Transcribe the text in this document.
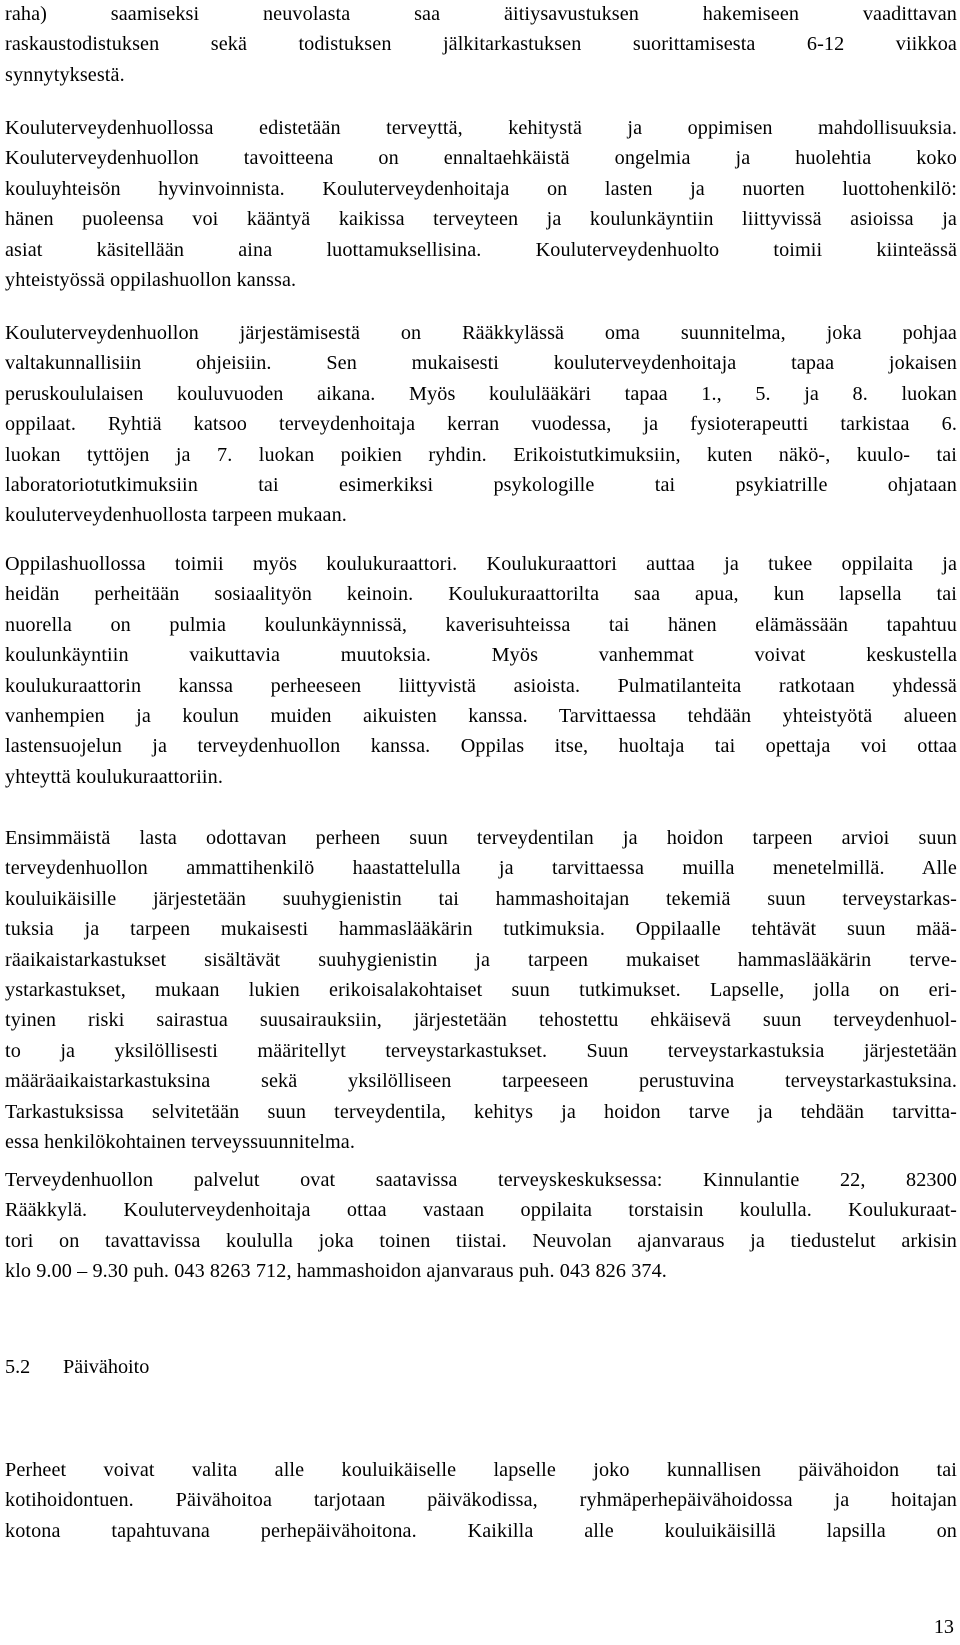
raha) saamiseksi neuvolasta saa äitiysavustuksen hakemiseen vaadittavan
raskaustodistuksen sekä todistuksen jälkitarkastuksen suorittamisesta 6-12 viikkoa
synnytyksestä.
Kouluterveydenhuollossa edistetään terveyttä, kehitystä ja oppimisen mahdollisuuksia.
Kouluterveydenhuollon tavoitteena on ennaltaehkäistä ongelmia ja huolehtia koko
kouluyhteisön hyvinvoinnista. Kouluterveydenhoitaja on lasten ja nuorten luottohenkilö:
hänen puoleensa voi kääntyä kaikissa terveyteen ja koulunkäyntiin liittyvissä asioissa ja
asiat käsitellään aina luottamuksellisina. Kouluterveydenhuolto toimii kiinteässä
yhteistyössä oppilashuollon kanssa.
Kouluterveydenhuollon järjestämisestä on Rääkkylässä oma suunnitelma, joka pohjaa
valtakunnallisiin ohjeisiin. Sen mukaisesti kouluterveydenhoitaja tapaa jokaisen
peruskoululaisen kouluvuoden aikana. Myös koululääkäri tapaa 1., 5. ja 8. luokan
oppilaat. Ryhtiä katsoo terveydenhoitaja kerran vuodessa, ja fysioterapeutti tarkistaa 6.
luokan tyttöjen ja 7. luokan poikien ryhdin. Erikoistutkimuksiin, kuten näkö-, kuulo- tai
laboratoriotutkimuksiin tai esimerkiksi psykologille tai psykiatrille ohjataan
kouluterveydenhuollosta tarpeen mukaan.
Oppilashuollossa toimii myös koulukuraattori. Koulukuraattori auttaa ja tukee oppilaita ja
heidän perheitään sosiaalityön keinoin. Koulukuraattorilta saa apua, kun lapsella tai
nuorella on pulmia koulunkäynnissä, kaverisuhteissa tai hänen elämässään tapahtuu
koulunkäyntiin vaikuttavia muutoksia. Myös vanhemmat voivat keskustella
koulukuraattorin kanssa perheeseen liittyvistä asioista. Pulmatilanteita ratkotaan yhdessä
vanhempien ja koulun muiden aikuisten kanssa. Tarvittaessa tehdään yhteistyötä alueen
lastensuojelun ja terveydenhuollon kanssa. Oppilas itse, huoltaja tai opettaja voi ottaa
yhteyttä koulukuraattoriin.
Ensimmäistä lasta odottavan perheen suun terveydentilan ja hoidon tarpeen arvioi suun
terveydenhuollon ammattihenkilö haastattelulla ja tarvittaessa muilla menetelmillä. Alle
kouluikäisille järjestetään suuhygienistin tai hammashoitajan tekemiä suun terveystarkas-
tuksia ja tarpeen mukaisesti hammaslääkärin tutkimuksia. Oppilaalle tehtävät suun mää-
räaikaistarkastukset sisältävät suuhygienistin ja tarpeen mukaiset hammaslääkärin terve-
ystarkastukset, mukaan lukien erikoisalakohtaiset suun tutkimukset. Lapselle, jolla on eri-
tyinen riski sairastua suusairauksiin, järjestetään tehostettu ehkäisevä suun terveydenhuol-
to ja yksilöllisesti määritellyt terveystarkastukset. Suun terveystarkastuksia järjestetään
määräaikaistarkastuksina sekä yksilölliseen tarpeeseen perustuvina terveystarkastuksina.
Tarkastuksissa selvitetään suun terveydentila, kehitys ja hoidon tarve ja tehdään tarvitta-
essa henkilökohtainen terveyssuunnitelma.
Terveydenhuollon palvelut ovat saatavissa terveyskeskuksessa: Kinnulantie 22, 82300
Rääkkylä. Kouluterveydenhoitaja ottaa vastaan oppilaita torstaisin koululla. Koulukuraat-
tori on tavattavissa koululla joka toinen tiistai. Neuvolan ajanvaraus ja tiedustelut arkisin
klo 9.00 – 9.30 puh. 043 8263 712, hammashoidon ajanvaraus puh. 043 826 374.
5.2 Päivähoito
Perheet voivat valita alle kouluikäiselle lapselle joko kunnallisen päivähoidon tai
kotihoidontuen. Päivähoitoa tarjotaan päiväkodissa, ryhmäperhepäivähoidossa ja hoitajan
kotona tapahtuvana perhepäivähoitona. Kaikilla alle kouluikäisillä lapsilla on
13
